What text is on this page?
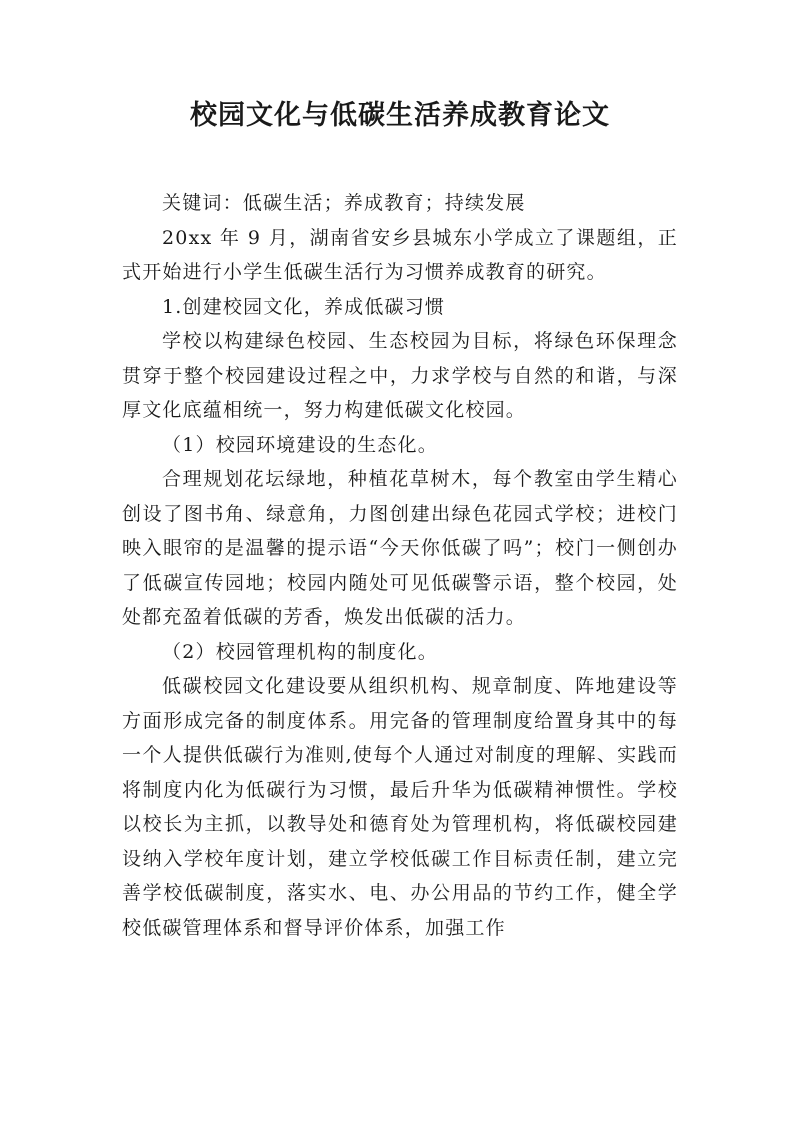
校园文化与低碳生活养成教育论文

关键词：低碳生活；养成教育；持续发展

20xx 年 9 月，湖南省安乡县城东小学成立了课题组，正式开始进行小学生低碳生活行为习惯养成教育的研究。

1.创建校园文化，养成低碳习惯

学校以构建绿色校园、生态校园为目标，将绿色环保理念贯穿于整个校园建设过程之中，力求学校与自然的和谐，与深厚文化底蕴相统一，努力构建低碳文化校园。

（1）校园环境建设的生态化。

合理规划花坛绿地，种植花草树木，每个教室由学生精心创设了图书角、绿意角，力图创建出绿色花园式学校；进校门映入眼帘的是温馨的提示语“今天你低碳了吗”；校门一侧创办了低碳宣传园地；校园内随处可见低碳警示语，整个校园，处处都充盈着低碳的芳香，焕发出低碳的活力。

（2）校园管理机构的制度化。

低碳校园文化建设要从组织机构、规章制度、阵地建设等方面形成完备的制度体系。用完备的管理制度给置身其中的每一个人提供低碳行为准则,使每个人通过对制度的理解、实践而将制度内化为低碳行为习惯，最后升华为低碳精神惯性。学校以校长为主抓，以教导处和德育处为管理机构，将低碳校园建设纳入学校年度计划，建立学校低碳工作目标责任制，建立完善学校低碳制度，落实水、电、办公用品的节约工作，健全学校低碳管理体系和督导评价体系，加强工作
